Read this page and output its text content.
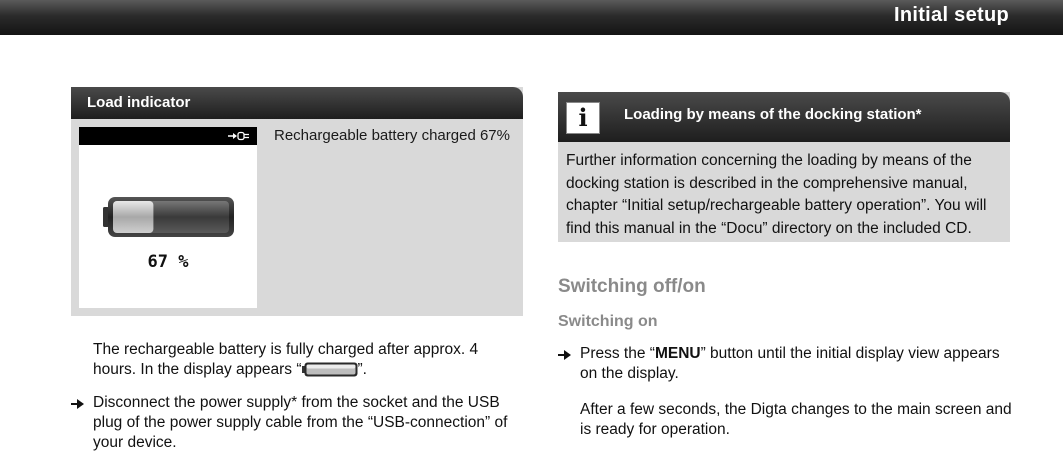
Initial setup
Load indicator
67 %
Rechargeable battery charged 67%

The rechargeable battery is fully charged after approx. 4 hours. In the display appears “	”.

Disconnect the power supply* from the socket and the USB plug of the power supply cable from the “USB-connection” of your device.

i	Loading by means of the docking station*

Further information concerning the loading by means of the docking station is described in the comprehensive manual, chapter “Initial setup/rechargeable battery operation”. You will find this manual in the “Docu” directory on the included CD.

Switching off/on
Switching on

Press the “MENU” button until the initial display view appears on the display.

After a few seconds, the Digta changes to the main screen and is ready for operation.
